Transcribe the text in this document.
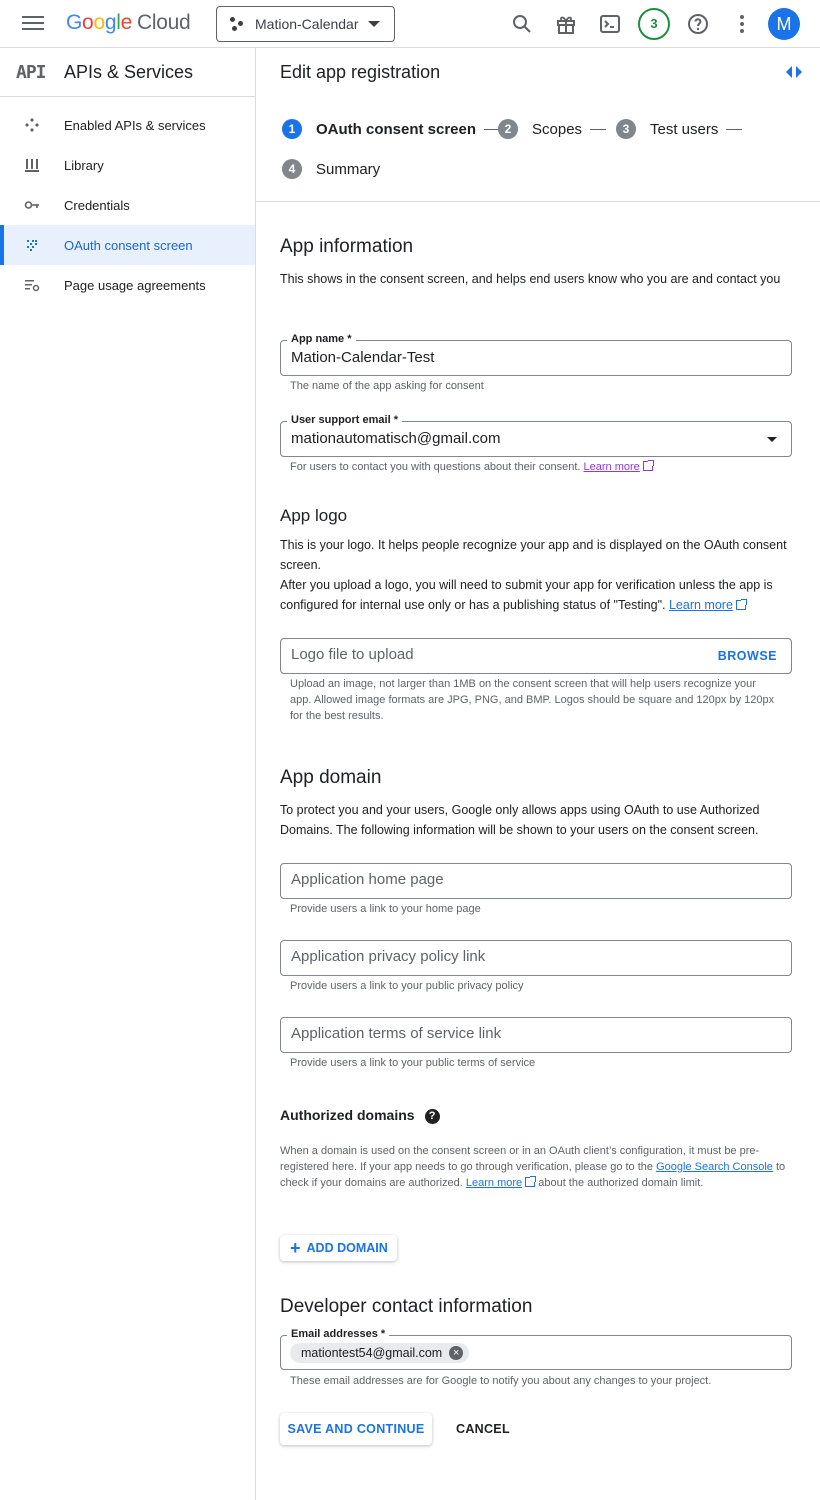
Google Cloud	Mation-Calendar	3	M
API	APIs & Services
Enabled APIs & services
Library
Credentials
OAuth consent screen
Page usage agreements
Edit app registration
1	OAuth consent screen	2	Scopes	3	Test users
4	Summary
App information

This shows in the consent screen, and helps end users know who you are and contact you

App name *
Mation-Calendar-Test
The name of the app asking for consent
User support email *
mationautomatisch@gmail.com
For users to contact you with questions about their consent. Learn more
App logo

This is your logo. It helps people recognize your app and is displayed on the OAuth consent screen.

After you upload a logo, you will need to submit your app for verification unless the app is configured for internal use only or has a publishing status of "Testing". Learn more

Logo file to upload
BROWSE
Upload an image, not larger than 1MB on the consent screen that will help users recognize your app. Allowed image formats are JPG, PNG, and BMP. Logos should be square and 120px by 120px for the best results.
App domain

To protect you and your users, Google only allows apps using OAuth to use Authorized Domains. The following information will be shown to your users on the consent screen.

Application home page
Provide users a link to your home page
Application privacy policy link
Provide users a link to your public privacy policy
Application terms of service link
Provide users a link to your public terms of service
Authorized domains ?

When a domain is used on the consent screen or in an OAuth client’s configuration, it must be pre-registered here. If your app needs to go through verification, please go to the Google Search Console to check if your domains are authorized. Learn more about the authorized domain limit.

+ ADD DOMAIN
Developer contact information
Email addresses *
mationtest54@gmail.com ×
These email addresses are for Google to notify you about any changes to your project.
SAVE AND CONTINUE	CANCEL
